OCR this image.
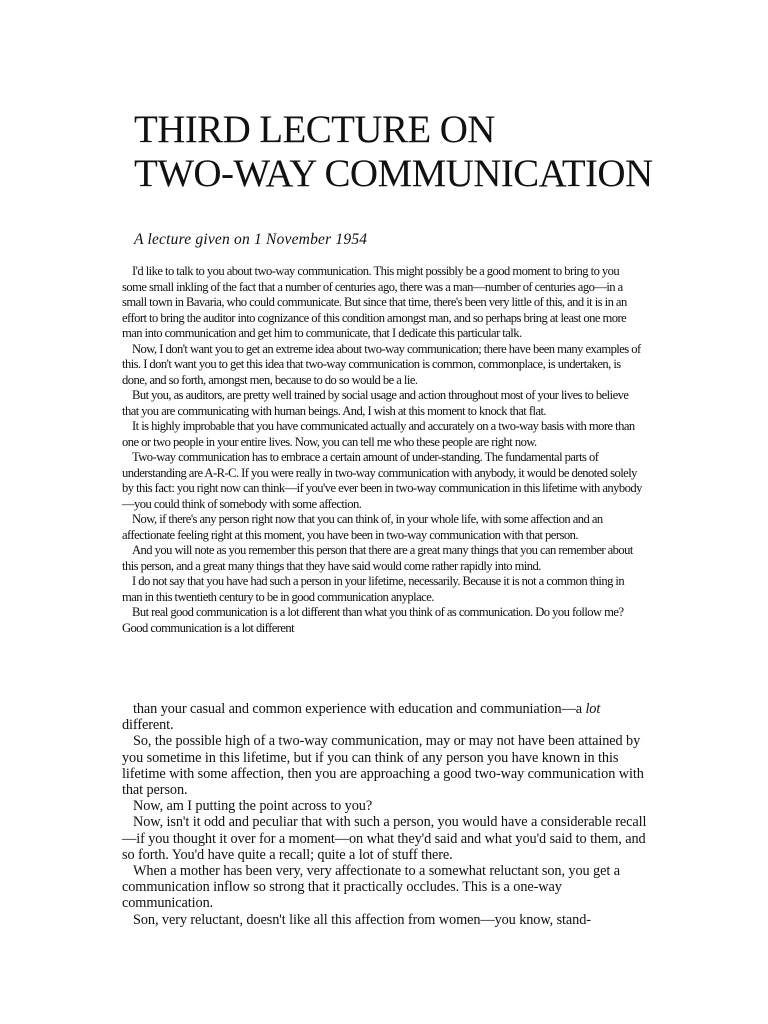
THIRD LECTURE ON
TWO-WAY COMMUNICATION
A lecture given on 1 November 1954

I'd like to talk to you about two-way communication. This might possibly be a good moment to bring to you some small inkling of the fact that a number of centuries ago, there was a man—number of centuries ago—in a small town in Bavaria, who could communicate. But since that time, there's been very little of this, and it is in an effort to bring the auditor into cognizance of this condition amongst man, and so perhaps bring at least one more man into communication and get him to communicate, that I dedicate this particular talk.

Now, I don't want you to get an extreme idea about two-way communication; there have been many examples of this. I don't want you to get this idea that two-way communication is common, commonplace, is undertaken, is done, and so forth, amongst men, because to do so would be a lie.

But you, as auditors, are pretty well trained by social usage and action throughout most of your lives to believe that you are communicating with human beings. And, I wish at this moment to knock that flat.

It is highly improbable that you have communicated actually and accurately on a two-way basis with more than one or two people in your entire lives. Now, you can tell me who these people are right now.

Two-way communication has to embrace a certain amount of under-standing. The fundamental parts of understanding are A-R-C. If you were really in two-way communication with anybody, it would be denoted solely by this fact: you right now can think—if you've ever been in two-way communication in this lifetime with anybody—you could think of somebody with some affection.

Now, if there's any person right now that you can think of, in your whole life, with some affection and an affectionate feeling right at this moment, you have been in two-way communication with that person.

And you will note as you remember this person that there are a great many things that you can remember about this person, and a great many things that they have said would come rather rapidly into mind.

I do not say that you have had such a person in your lifetime, necessarily. Because it is not a common thing in man in this twentieth century to be in good communication anyplace.

But real good communication is a lot different than what you think of as communication. Do you follow me? Good communication is a lot different

than your casual and common experience with education and communiation—a lot different.

So, the possible high of a two-way communication, may or may not have been attained by you sometime in this lifetime, but if you can think of any person you have known in this lifetime with some affection, then you are approaching a good two-way communication with that person.

Now, am I putting the point across to you?

Now, isn't it odd and peculiar that with such a person, you would have a considerable recall—if you thought it over for a moment—on what they'd said and what you'd said to them, and so forth. You'd have quite a recall; quite a lot of stuff there.

When a mother has been very, very affectionate to a somewhat reluctant son, you get a communication inflow so strong that it practically occludes. This is a one-way communication.

Son, very reluctant, doesn't like all this affection from women—you know, stand-
